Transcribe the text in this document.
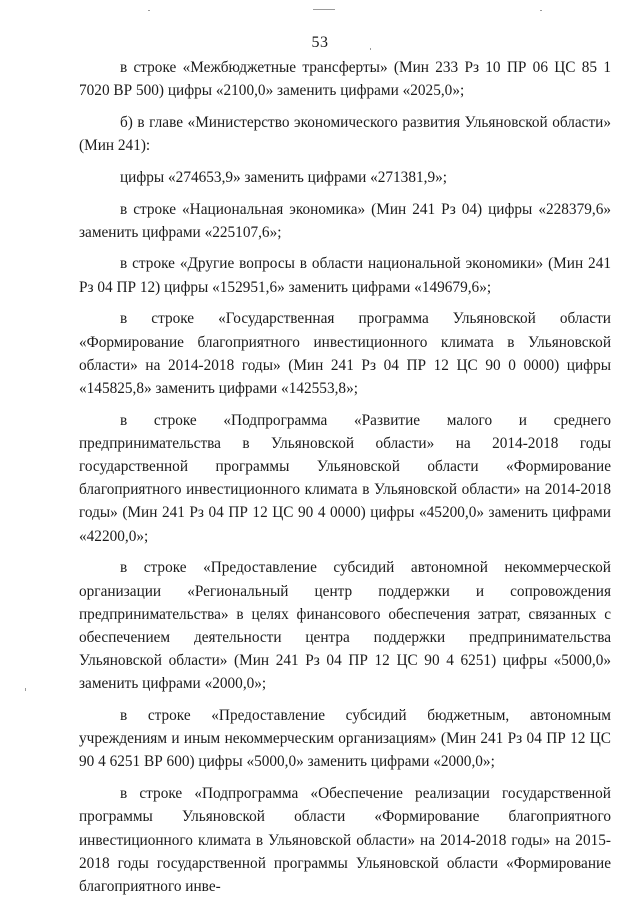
53

в строке «Межбюджетные трансферты» (Мин 233 Рз 10 ПР 06 ЦС 85 1 7020 ВР 500) цифры «2100,0» заменить цифрами «2025,0»;

б) в главе «Министерство экономического развития Ульяновской области» (Мин 241):

цифры «274653,9» заменить цифрами «271381,9»;

в строке «Национальная экономика» (Мин 241 Рз 04) цифры «228379,6» заменить цифрами «225107,6»;

в строке «Другие вопросы в области национальной экономики» (Мин 241 Рз 04 ПР 12) цифры «152951,6» заменить цифрами «149679,6»;

в строке «Государственная программа Ульяновской области «Формирование благоприятного инвестиционного климата в Ульяновской области» на 2014-2018 годы» (Мин 241 Рз 04 ПР 12 ЦС 90 0 0000) цифры «145825,8» заменить цифрами «142553,8»;

в строке «Подпрограмма «Развитие малого и среднего предпринимательства в Ульяновской области» на 2014-2018 годы государственной программы Ульяновской области «Формирование благоприятного инвестиционного климата в Ульяновской области» на 2014-2018 годы» (Мин 241 Рз 04 ПР 12 ЦС 90 4 0000) цифры «45200,0» заменить цифрами «42200,0»;

в строке «Предоставление субсидий автономной некоммерческой организации «Региональный центр поддержки и сопровождения предпринимательства» в целях финансового обеспечения затрат, связанных с обеспечением деятельности центра поддержки предпринимательства Ульяновской области» (Мин 241 Рз 04 ПР 12 ЦС 90 4 6251) цифры «5000,0» заменить цифрами «2000,0»;

в строке «Предоставление субсидий бюджетным, автономным учреждениям и иным некоммерческим организациям» (Мин 241 Рз 04 ПР 12 ЦС 90 4 6251 ВР 600) цифры «5000,0» заменить цифрами «2000,0»;

в строке «Подпрограмма «Обеспечение реализации государственной программы Ульяновской области «Формирование благоприятного инвестиционного климата в Ульяновской области» на 2014-2018 годы» на 2015-2018 годы государственной программы Ульяновской области «Формирование благоприятного инве-
